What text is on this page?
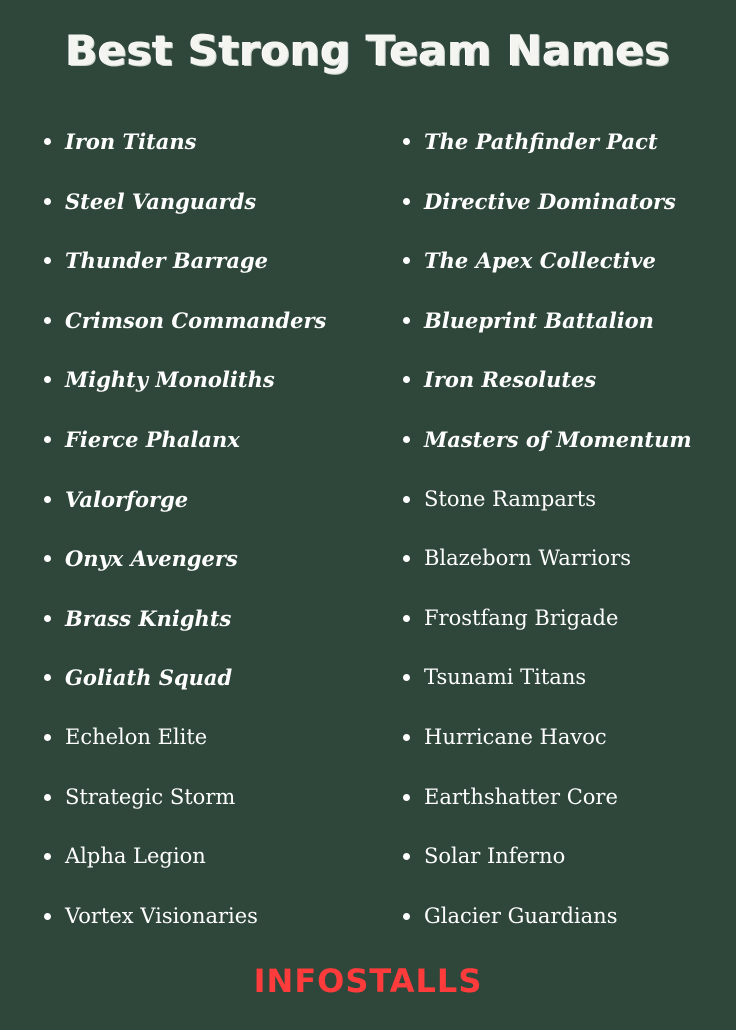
Best Strong Team Names
Iron Titans
Steel Vanguards
Thunder Barrage
Crimson Commanders
Mighty Monoliths
Fierce Phalanx
Valorforge
Onyx Avengers
Brass Knights
Goliath Squad
Echelon Elite
Strategic Storm
Alpha Legion
Vortex Visionaries
The Pathfinder Pact
Directive Dominators
The Apex Collective
Blueprint Battalion
Iron Resolutes
Masters of Momentum
Stone Ramparts
Blazeborn Warriors
Frostfang Brigade
Tsunami Titans
Hurricane Havoc
Earthshatter Core
Solar Inferno
Glacier Guardians
INFOSTALLS
